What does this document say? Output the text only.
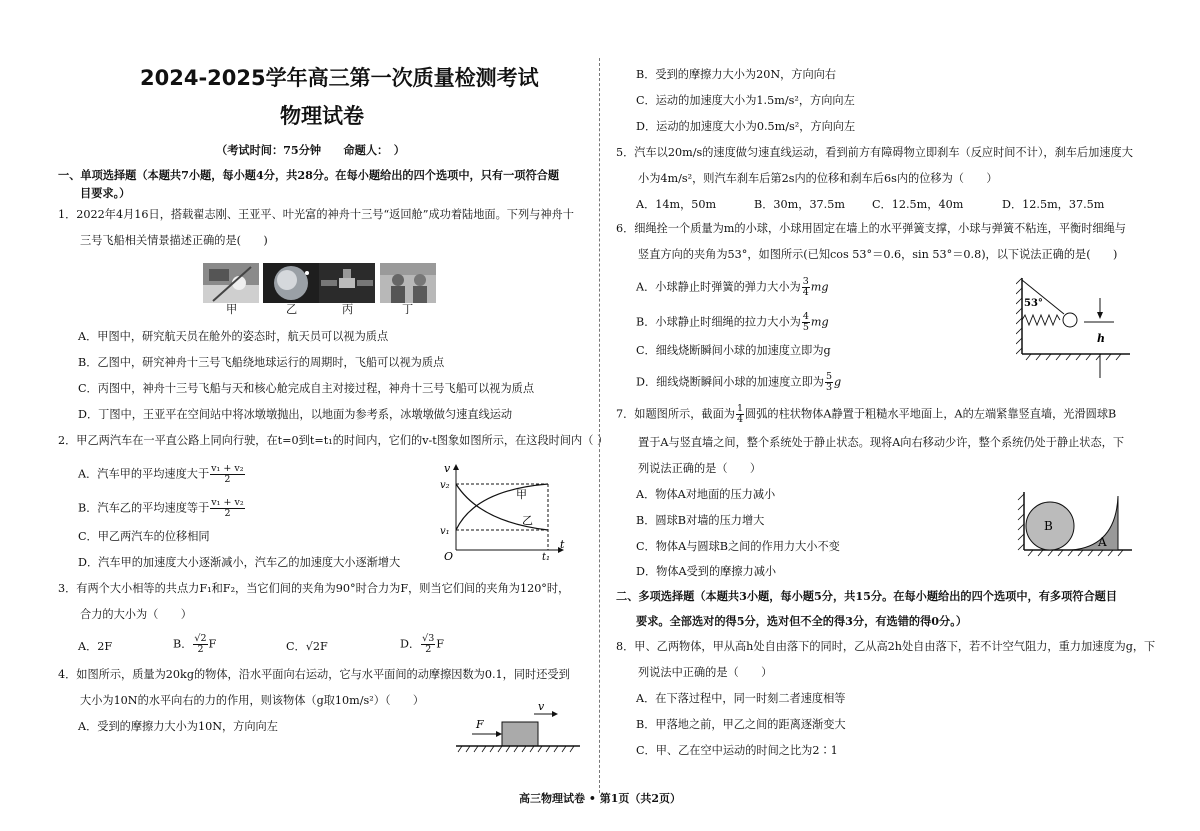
2024-2025学年高三第一次质量检测考试
物理试卷
（考试时间：75分钟　　命题人：　）
一、单项选择题（本题共7小题，每小题4分，共28分。在每小题给出的四个选项中，只有一项符合题
目要求。）
1．2022年4月16日，搭载翟志刚、王亚平、叶光富的神舟十三号“返回舱”成功着陆地面。下列与神舟十
三号飞船相关情景描述正确的是(　　)
甲	乙	丙	丁
A．甲图中，研究航天员在舱外的姿态时，航天员可以视为质点
B．乙图中，研究神舟十三号飞船绕地球运行的周期时，飞船可以视为质点
C．丙图中，神舟十三号飞船与天和核心舱完成自主对接过程，神舟十三号飞船可以视为质点
D．丁图中，王亚平在空间站中将冰墩墩抛出，以地面为参考系，冰墩墩做匀速直线运动
2．甲乙两汽车在一平直公路上同向行驶，在t=0到t=t₁的时间内，它们的v-t图象如图所示，在这段时间内（ ）
A．汽车甲的平均速度大于 $\frac{\text{v₁ + v₂}}{2}$
B．汽车乙的平均速度等于 $\frac{\text{v₁ + v₂}}{2}$
C．甲乙两汽车的位移相同
D．汽车甲的加速度大小逐渐减小，汽车乙的加速度大小逐渐增大
v
v₂
v₁
O	t₁
t
甲
乙
3．有两个大小相等的共点力F₁和F₂，当它们间的夹角为90°时合力为F，则当它们间的夹角为120°时，
合力的大小为（　　）
A．2F	B． $\frac{√2}{2}$ F	C．√2F	D． $\frac{√3}{2}$ F
4．如图所示，质量为20kg的物体，沿水平面向右运动，它与水平面间的动摩擦因数为0.1，同时还受到
大小为10N的水平向右的力的作用，则该物体（g取10m/s²）（　　）
A．受到的摩擦力大小为10N，方向向左
v
F
B．受到的摩擦力大小为20N，方向向右
C．运动的加速度大小为1.5m/s²，方向向左
D．运动的加速度大小为0.5m/s²，方向向左
5．汽车以20m/s的速度做匀速直线运动，看到前方有障碍物立即刹车（反应时间不计），刹车后加速度大
小为4m/s²，则汽车刹车后第2s内的位移和刹车后6s内的位移为（　　）
A．14m，50m	B．30m，37.5m C．12.5m，40m	D．12.5m，37.5m
6．细绳拴一个质量为m的小球，小球用固定在墙上的水平弹簧支撑，小球与弹簧不粘连，平衡时细绳与
竖直方向的夹角为53°，如图所示(已知cos 53°＝0.6，sin 53°＝0.8)，以下说法正确的是(　　)
A．小球静止时弹簧的弹力大小为 $\frac{3}{4}$ mg
B．小球静止时细绳的拉力大小为 $\frac{4}{5}$ mg
C．细线烧断瞬间小球的加速度立即为g
D．细线烧断瞬间小球的加速度立即为 $\frac{5}{3}$ g
53°
h
7．如题图所示，截面为 $\frac{1}{4}$ 圆弧的柱状物体A静置于粗糙水平地面上，A的左端紧靠竖直墙，光滑圆球B
置于A与竖直墙之间，整个系统处于静止状态。现将A向右移动少许，整个系统仍处于静止状态，下
列说法正确的是（　　）
A．物体A对地面的压力减小
B．圆球B对墙的压力增大
C．物体A与圆球B之间的作用力大小不变
D．物体A受到的摩擦力减小
B
A
二、多项选择题（本题共3小题，每小题5分，共15分。在每小题给出的四个选项中，有多项符合题目
要求。全部选对的得5分，选对但不全的得3分，有选错的得0分。）
8．甲、乙两物体，甲从高h处自由落下的同时，乙从高2h处自由落下，若不计空气阻力，重力加速度为g，下
列说法中正确的是（　　）
A．在下落过程中，同一时刻二者速度相等
B．甲落地之前，甲乙之间的距离逐渐变大
C．甲、乙在空中运动的时间之比为2∶1
高三物理试卷 • 第1页（共2页）
